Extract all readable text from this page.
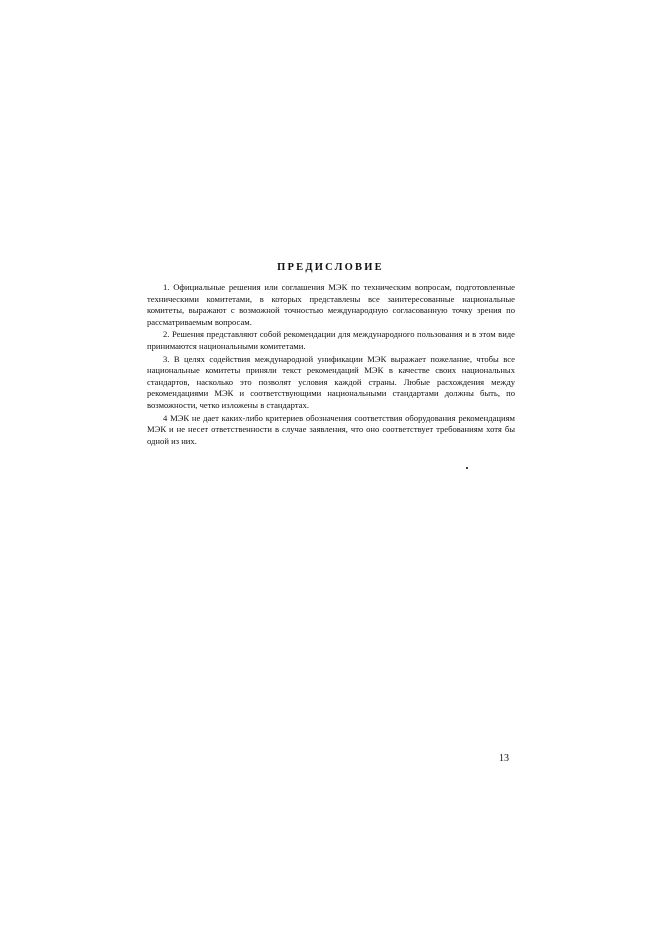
ПРЕДИСЛОВИЕ

1. Официальные решения или соглашения МЭК по техническим вопросам, подготовленные техническими комитетами, в которых представлены все заинтересованные национальные комитеты, выражают с возможной точностью международную согласованную точку зрения по рассматриваемым вопросам.

2. Решения представляют собой рекомендации для международного пользования и в этом виде принимаются национальными комитетами.

3. В целях содействия международной унификации МЭК выражает пожелание, чтобы все национальные комитеты приняли текст рекомендаций МЭК в качестве своих национальных стандартов, насколько это позволят условия каждой страны. Любые расхождения между рекомендациями МЭК и соответствующими национальными стандартами должны быть, по возможности, четко изложены в стандартах.

4 МЭК не дает каких-либо критериев обозначения соответствия оборудования рекомендациям МЭК и не несет ответственности в случае заявления, что оно соответствует требованиям хотя бы одной из них.

13
